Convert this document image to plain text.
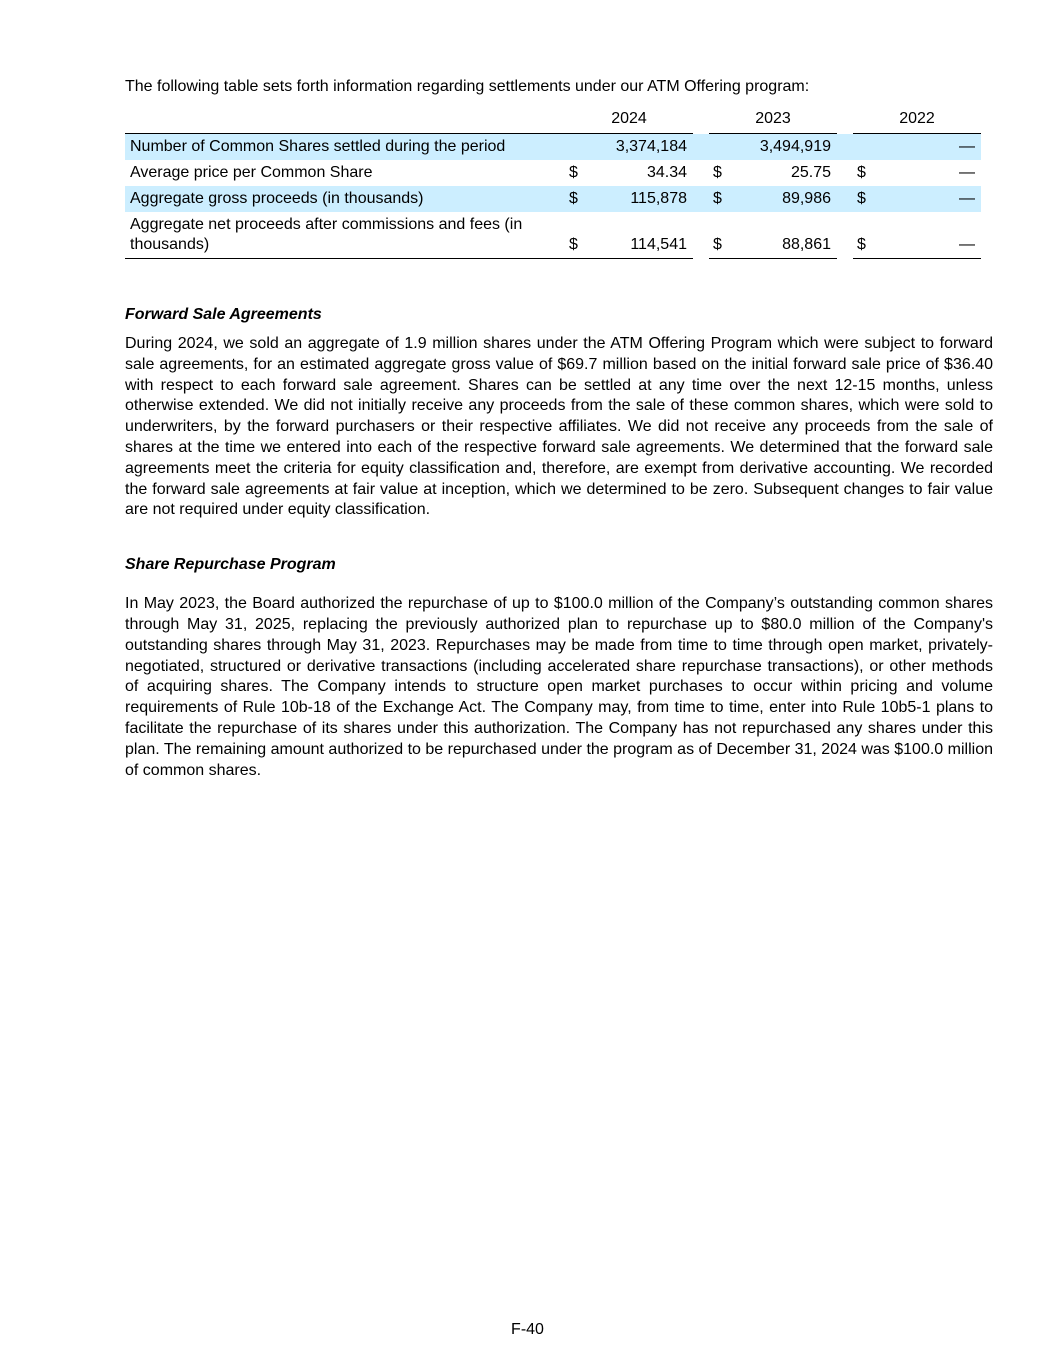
The following table sets forth information regarding settlements under our ATM Offering program:

	2024			2023			2022	
Number of Common Shares settled during the period		3,374,184			3,494,919			—
Average price per Common Share	$	34.34		$	25.75		$	—
Aggregate gross proceeds (in thousands)	$	115,878		$	89,986		$	—
Aggregate net proceeds after commissions and fees (in thousands)	$	114,541		$	88,861		$	—
Forward Sale Agreements

During 2024, we sold an aggregate of 1.9 million shares under the ATM Offering Program which were subject to forward sale agreements, for an estimated aggregate gross value of $69.7 million based on the initial forward sale price of $36.40 with respect to each forward sale agreement. Shares can be settled at any time over the next 12-15 months, unless otherwise extended. We did not initially receive any proceeds from the sale of these common shares, which were sold to underwriters, by the forward purchasers or their respective affiliates. We did not receive any proceeds from the sale of shares at the time we entered into each of the respective forward sale agreements. We determined that the forward sale agreements meet the criteria for equity classification and, therefore, are exempt from derivative accounting. We recorded the forward sale agreements at fair value at inception, which we determined to be zero. Subsequent changes to fair value are not required under equity classification.

Share Repurchase Program

In May 2023, the Board authorized the repurchase of up to $100.0 million of the Company’s outstanding common shares through May 31, 2025, replacing the previously authorized plan to repurchase up to $80.0 million of the Company's outstanding shares through May 31, 2023. Repurchases may be made from time to time through open market, privately-negotiated, structured or derivative transactions (including accelerated share repurchase transactions), or other methods of acquiring shares. The Company intends to structure open market purchases to occur within pricing and volume requirements of Rule 10b-18 of the Exchange Act. The Company may, from time to time, enter into Rule 10b5-1 plans to facilitate the repurchase of its shares under this authorization. The Company has not repurchased any shares under this plan. The remaining amount authorized to be repurchased under the program as of December 31, 2024 was $100.0 million of common shares.

F-40
